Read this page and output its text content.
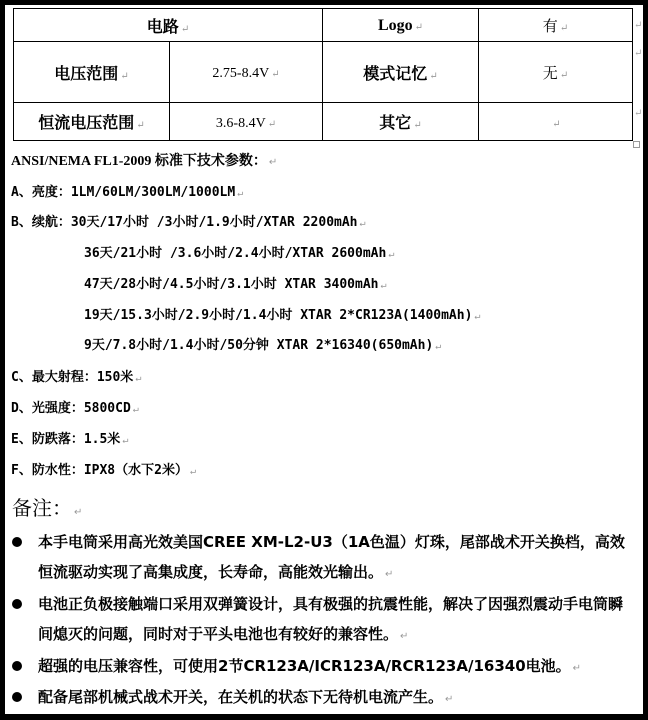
电路 ↵		Logo ↵	有 ↵
电压范围 ↵	2.75-8.4V ↵	模式记忆 ↵	无 ↵
恒流电压范围 ↵	3.6-8.4V ↵	其它 ↵	↵
↵
↵
↵
ANSI/NEMA FL1-2009 标准下技术参数： ↵
A、亮度：1LM/60LM/300LM/1000LM ↵
B、续航：30天/17小时 /3小时/1.9小时/XTAR 2200mAh ↵
36天/21小时 /3.6小时/2.4小时/XTAR 2600mAh ↵
47天/28小时/4.5小时/3.1小时 XTAR 3400mAh ↵
19天/15.3小时/2.9小时/1.4小时 XTAR 2*CR123A(1400mAh) ↵
9天/7.8小时/1.4小时/50分钟 XTAR 2*16340(650mAh) ↵
C、最大射程：150米 ↵
D、光强度：5800CD ↵
E、防跌落：1.5米 ↵
F、防水性：IPX8（水下2米） ↵
备注： ↵
本手电筒采用高光效美国CREE XM-L2-U3（1A色温）灯珠，尾部战术开关换档，高效恒流驱动实现了高集成度，长寿命，高能效光输出。 ↵
电池正负极接触端口采用双弹簧设计，具有极强的抗震性能，解决了因强烈震动手电筒瞬间熄灭的问题，同时对于平头电池也有较好的兼容性。 ↵
超强的电压兼容性，可使用2节CR123A/ICR123A/RCR123A/16340电池。 ↵
配备尾部机械式战术开关，在关机的状态下无待机电流产生。 ↵
